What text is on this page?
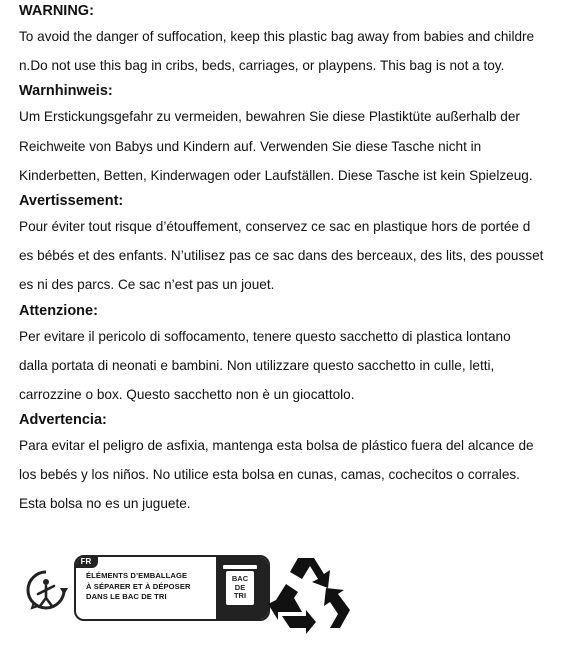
WARNING:
To avoid the danger of suffocation, keep this plastic bag away from babies and childre
n.Do not use this bag in cribs, beds, carriages, or playpens. This bag is not a toy.
Warnhinweis:
Um Erstickungsgefahr zu vermeiden, bewahren Sie diese Plastiktüte außerhalb der
Reichweite von Babys und Kindern auf. Verwenden Sie diese Tasche nicht in
Kinderbetten, Betten, Kinderwagen oder Laufställen. Diese Tasche ist kein Spielzeug.
Avertissement:
Pour éviter tout risque d’étouffement, conservez ce sac en plastique hors de portée d
es bébés et des enfants. N’utilisez pas ce sac dans des berceaux, des lits, des pousset
es ni des parcs. Ce sac n’est pas un jouet.
Attenzione:
Per evitare il pericolo di soffocamento, tenere questo sacchetto di plastica lontano
dalla portata di neonati e bambini. Non utilizzare questo sacchetto in culle, letti,
carrozzine o box. Questo sacchetto non è un giocattolo.
Advertencia:
Para evitar el peligro de asfixia, mantenga esta bolsa de plástico fuera del alcance de
los bebés y los niños. No utilice esta bolsa en cunas, camas, cochecitos o corrales.
Esta bolsa no es un juguete.
FR
ÉLÉMENTS D’EMBALLAGE
À SÉPARER ET À DÉPOSER
DANS LE BAC DE TRI
BAC
DE
TRI
